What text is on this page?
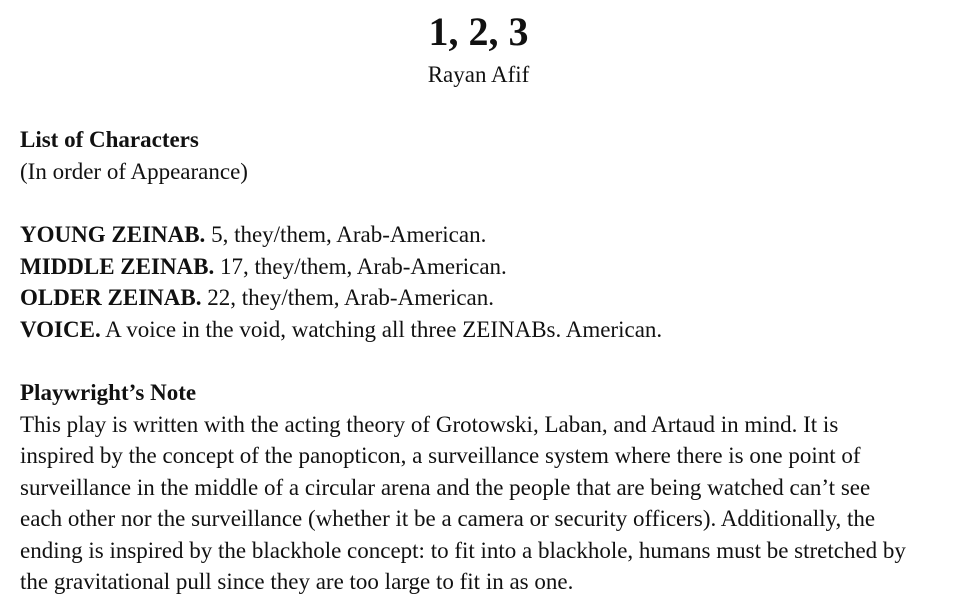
1, 2, 3
Rayan Afif
List of Characters
(In order of Appearance)
YOUNG ZEINAB. 5, they/them, Arab-American.
MIDDLE ZEINAB. 17, they/them, Arab-American.
OLDER ZEINAB. 22, they/them, Arab-American.
VOICE. A voice in the void, watching all three ZEINABs. American.
Playwright’s Note
This play is written with the acting theory of Grotowski, Laban, and Artaud in mind. It is
inspired by the concept of the panopticon, a surveillance system where there is one point of
surveillance in the middle of a circular arena and the people that are being watched can’t see
each other nor the surveillance (whether it be a camera or security officers). Additionally, the
ending is inspired by the blackhole concept: to fit into a blackhole, humans must be stretched by
the gravitational pull since they are too large to fit in as one.
